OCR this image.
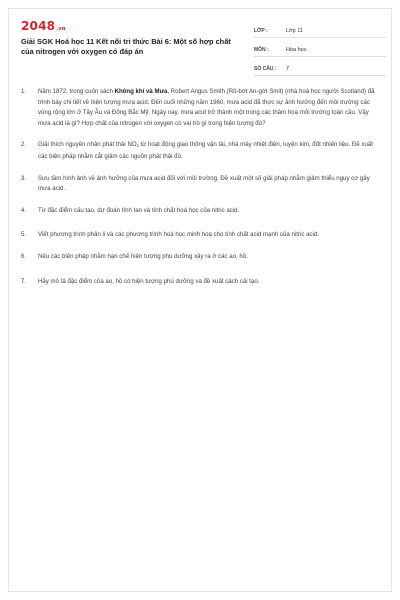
2048.vn
Giải SGK Hoá học 11 Kết nối tri thức Bài 6: Một số hợp chất của nitrogen với oxygen có đáp án
LỚP :	Lớp 11
MÔN :	Hóa học
SỐ CÂU :	7
1.	Năm 1872, trong cuốn sách Không khí và Mưa, Robert Angus Smith (Rô-bớt An-gớt Smit) (nhà hoá học người Scotland) đã trình bày chi tiết về hiện tượng mưa acid. Đến cuối những năm 1960, mưa acid đã thực sự ảnh hưởng đến môi trường các vùng rộng lớn ở Tây Âu và Đông Bắc Mỹ. Ngày nay, mưa acid trở thành một trong các thảm hoạ môi trường toàn cầu. Vậy mưa acid là gì? Hợp chất của nitrogen với oxygen có vai trò gì trong hiện tượng đó?
2.	Giải thích nguyên nhân phát thải $NO_x$ từ hoạt động giao thông vận tải, nhà máy nhiệt điện, luyện kim, đốt nhiên liệu. Đề xuất các biện pháp nhằm cắt giảm các nguồn phát thải đó.
3.	Sưu tầm hình ảnh về ảnh hưởng của mưa acid đối với môi trường. Đề xuất một số giải pháp nhằm giảm thiểu nguy cơ gây mưa acid.
4.	Từ đặc điểm cấu tạo, dự đoán tính tan và tính chất hoá học của nitric acid.
5.	Viết phương trình phân li và các phương trình hoá học minh hoạ cho tính chất acid mạnh của nitric acid.
6.	Nêu các biện pháp nhằm hạn chế hiện tượng phú dưỡng xảy ra ở các ao, hồ.
7.	Hãy mô tả đặc điểm của ao, hồ có hiện tượng phú dưỡng và đề xuất cách cải tạo.
